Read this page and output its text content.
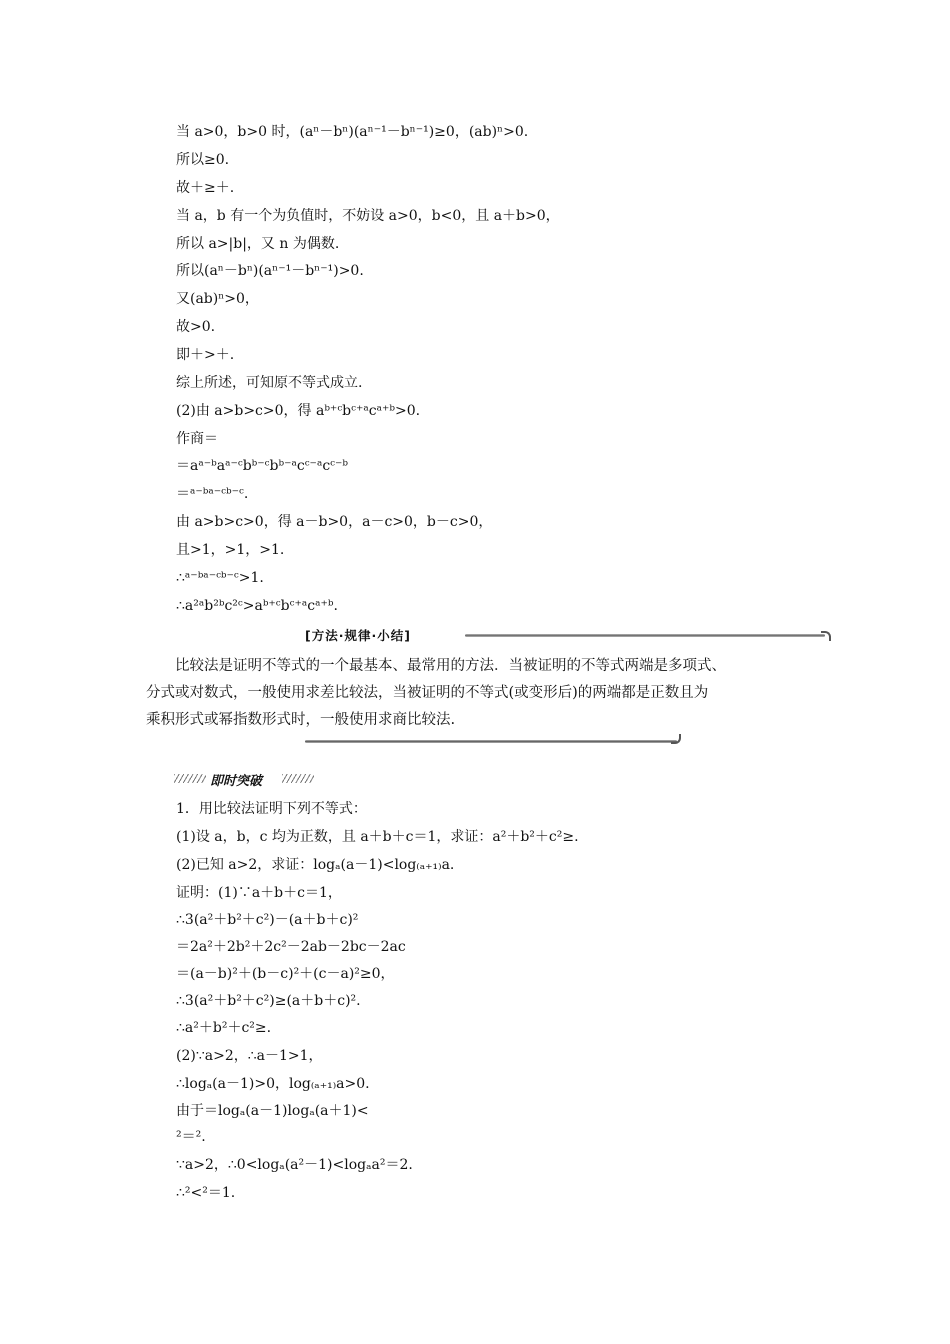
当 a>0，b>0 时，(aⁿ－bⁿ)(aⁿ⁻¹－bⁿ⁻¹)≥0，(ab)ⁿ>0.
所以≥0.
故＋≥＋.
当 a，b 有一个为负值时，不妨设 a>0，b<0，且 a＋b>0，
所以 a>|b|，又 n 为偶数.
所以(aⁿ－bⁿ)(aⁿ⁻¹－bⁿ⁻¹)>0.
又(ab)ⁿ>0，
故>0.
即＋>＋.
综上所述，可知原不等式成立.
(2)由 a>b>c>0，得 aᵇ⁺ᶜbᶜ⁺ᵃcᵃ⁺ᵇ>0.
作商＝
＝aᵃ⁻ᵇaᵃ⁻ᶜbᵇ⁻ᶜbᵇ⁻ᵃcᶜ⁻ᵃcᶜ⁻ᵇ
＝ᵃ⁻ᵇᵃ⁻ᶜᵇ⁻ᶜ.
由 a>b>c>0，得 a－b>0，a－c>0，b－c>0，
且>1，>1，>1.
∴ᵃ⁻ᵇᵃ⁻ᶜᵇ⁻ᶜ>1.
∴a²ᵃb²ᵇc²ᶜ>aᵇ⁺ᶜbᶜ⁺ᵃcᵃ⁺ᵇ.
[方法·规律·小结]
比较法是证明不等式的一个最基本、最常用的方法．当被证明的不等式两端是多项式、
分式或对数式，一般使用求差比较法，当被证明的不等式(或变形后)的两端都是正数且为
乘积形式或幂指数形式时，一般使用求商比较法.
即时突破
1．用比较法证明下列不等式：
(1)设 a，b，c 均为正数，且 a＋b＋c＝1，求证：a²＋b²＋c²≥.
(2)已知 a>2，求证：logₐ(a－1)<log₍ₐ₊₁₎a.
证明：(1)∵a＋b＋c＝1，
∴3(a²＋b²＋c²)－(a＋b＋c)²
＝2a²＋2b²＋2c²－2ab－2bc－2ac
＝(a－b)²＋(b－c)²＋(c－a)²≥0，
∴3(a²＋b²＋c²)≥(a＋b＋c)².
∴a²＋b²＋c²≥.
(2)∵a>2，∴a－1>1，
∴logₐ(a－1)>0，log₍ₐ₊₁₎a>0.
由于＝logₐ(a－1)logₐ(a＋1)<
²＝².
∵a>2，∴0<logₐ(a²－1)<logₐa²＝2.
∴²<²＝1.
